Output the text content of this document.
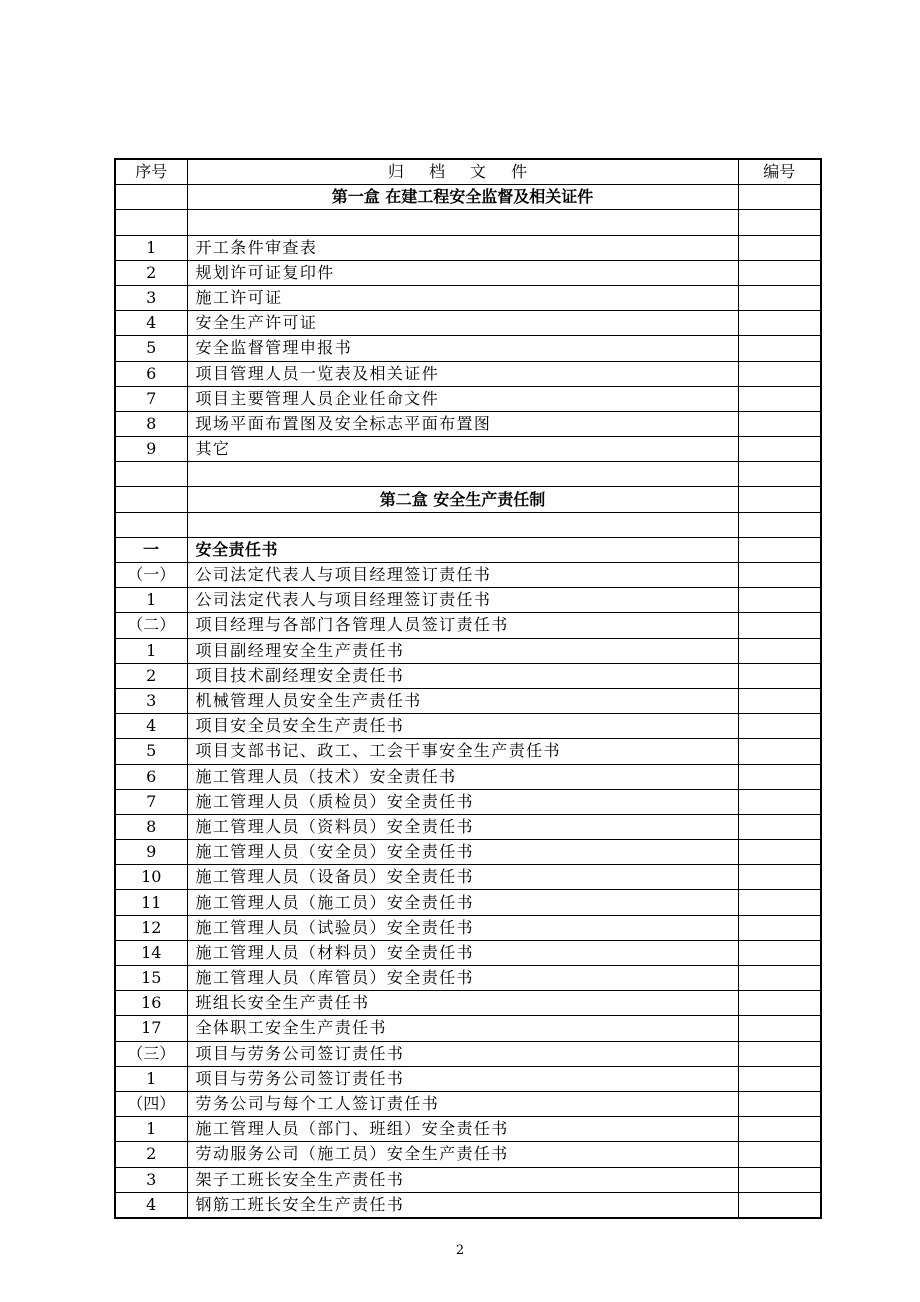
序号	归 档 文 件	编号
	第一盒 在建工程安全监督及相关证件	

1	开工条件审查表	
2	规划许可证复印件	
3	施工许可证	
4	安全生产许可证	
5	安全监督管理申报书	
6	项目管理人员一览表及相关证件	
7	项目主要管理人员企业任命文件	
8	现场平面布置图及安全标志平面布置图	
9	其它	

	第二盒 安全生产责任制	

一	安全责任书	
（一）	公司法定代表人与项目经理签订责任书	
1	公司法定代表人与项目经理签订责任书	
（二）	项目经理与各部门各管理人员签订责任书	
1	项目副经理安全生产责任书	
2	项目技术副经理安全责任书	
3	机械管理人员安全生产责任书	
4	项目安全员安全生产责任书	
5	项目支部书记、政工、工会干事安全生产责任书	
6	施工管理人员（技术）安全责任书	
7	施工管理人员（质检员）安全责任书	
8	施工管理人员（资料员）安全责任书	
9	施工管理人员（安全员）安全责任书	
10	施工管理人员（设备员）安全责任书	
11	施工管理人员（施工员）安全责任书	
12	施工管理人员（试验员）安全责任书	
14	施工管理人员（材料员）安全责任书	
15	施工管理人员（库管员）安全责任书	
16	班组长安全生产责任书	
17	全体职工安全生产责任书	
（三）	项目与劳务公司签订责任书	
1	项目与劳务公司签订责任书	
（四）	劳务公司与每个工人签订责任书	
1	施工管理人员（部门、班组）安全责任书	
2	劳动服务公司（施工员）安全生产责任书	
3	架子工班长安全生产责任书	
4	钢筋工班长安全生产责任书	
2
